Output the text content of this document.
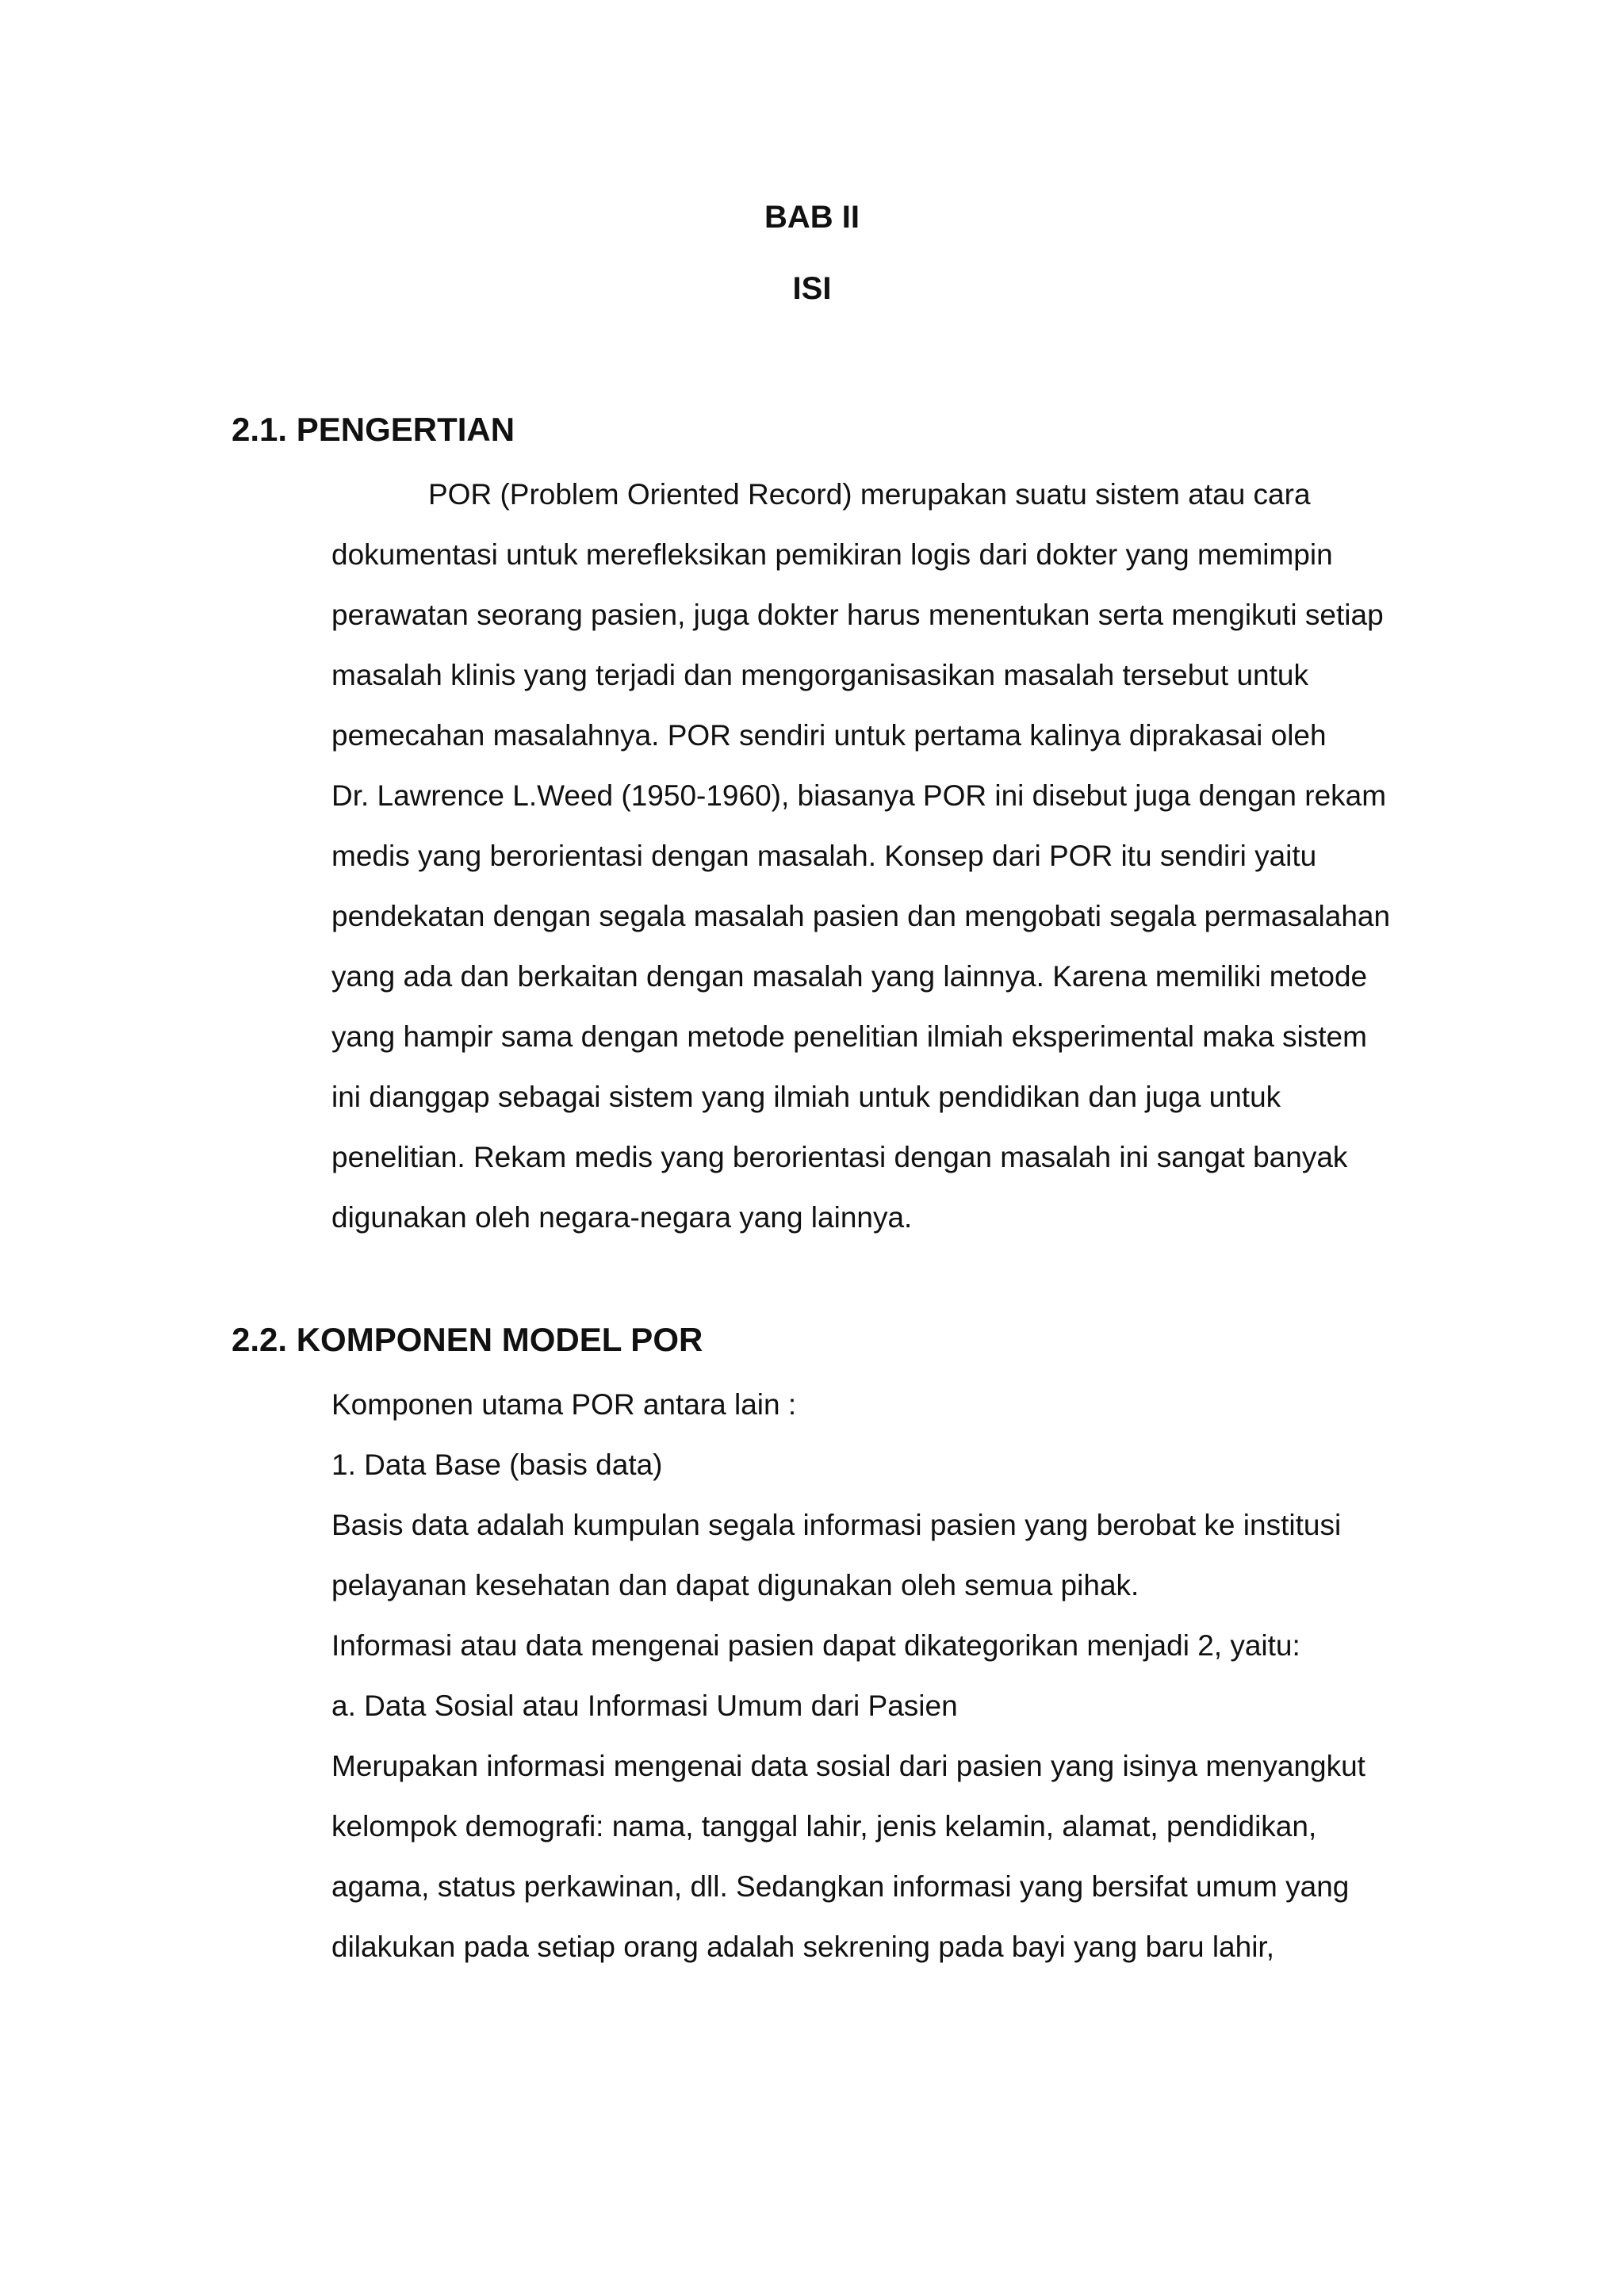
BAB II
ISI
2.1. PENGERTIAN

POR (Problem Oriented Record) merupakan suatu sistem atau cara

dokumentasi untuk merefleksikan pemikiran logis dari dokter yang memimpin

perawatan seorang pasien, juga dokter harus menentukan serta mengikuti setiap

masalah klinis yang terjadi dan mengorganisasikan masalah tersebut untuk

pemecahan masalahnya. POR sendiri untuk pertama kalinya diprakasai oleh

Dr. Lawrence L.Weed (1950-1960), biasanya POR ini disebut juga dengan rekam

medis yang berorientasi dengan masalah. Konsep dari POR itu sendiri yaitu

pendekatan dengan segala masalah pasien dan mengobati segala permasalahan

yang ada dan berkaitan dengan masalah yang lainnya. Karena memiliki metode

yang hampir sama dengan metode penelitian ilmiah eksperimental maka sistem

ini dianggap sebagai sistem yang ilmiah untuk pendidikan dan juga untuk

penelitian. Rekam medis yang berorientasi dengan masalah ini sangat banyak

digunakan oleh negara-negara yang lainnya.

2.2. KOMPONEN MODEL POR

Komponen utama POR antara lain :

1. Data Base (basis data)

Basis data adalah kumpulan segala informasi pasien yang berobat ke institusi

pelayanan kesehatan dan dapat digunakan oleh semua pihak.

Informasi atau data mengenai pasien dapat dikategorikan menjadi 2, yaitu:

a. Data Sosial atau Informasi Umum dari Pasien

Merupakan informasi mengenai data sosial dari pasien yang isinya menyangkut

kelompok demografi: nama, tanggal lahir, jenis kelamin, alamat, pendidikan,

agama, status perkawinan, dll. Sedangkan informasi yang bersifat umum yang

dilakukan pada setiap orang adalah sekrening pada bayi yang baru lahir,
